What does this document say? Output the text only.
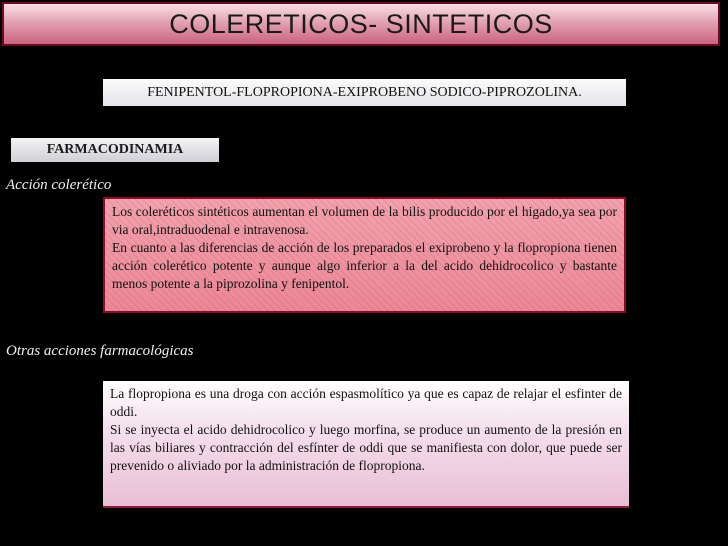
COLERETICOS- SINTETICOS
FENIPENTOL-FLOPROPIONA-EXIPROBENO SODICO-PIPROZOLINA.
FARMACODINAMIA
Acción colerético

Los coleréticos sintéticos aumentan el volumen de la bilis producido por el higado,ya sea por via oral,intraduodenal e intravenosa.

En cuanto a las diferencias de acción de los preparados el exiprobeno y la flopropiona tienen acción colerético potente y aunque algo inferior a la del acido dehidrocolico y bastante menos potente a la piprozolina y fenipentol.

Otras acciones farmacológicas

La flopropiona es una droga con acción espasmolítico ya que es capaz de relajar el esfinter de oddi.

Si se inyecta el acido dehidrocolico y luego morfina, se produce un aumento de la presión en las vías biliares y contracción del esfínter de oddi que se manifiesta con dolor, que puede ser prevenido o aliviado por la administración de flopropiona.
